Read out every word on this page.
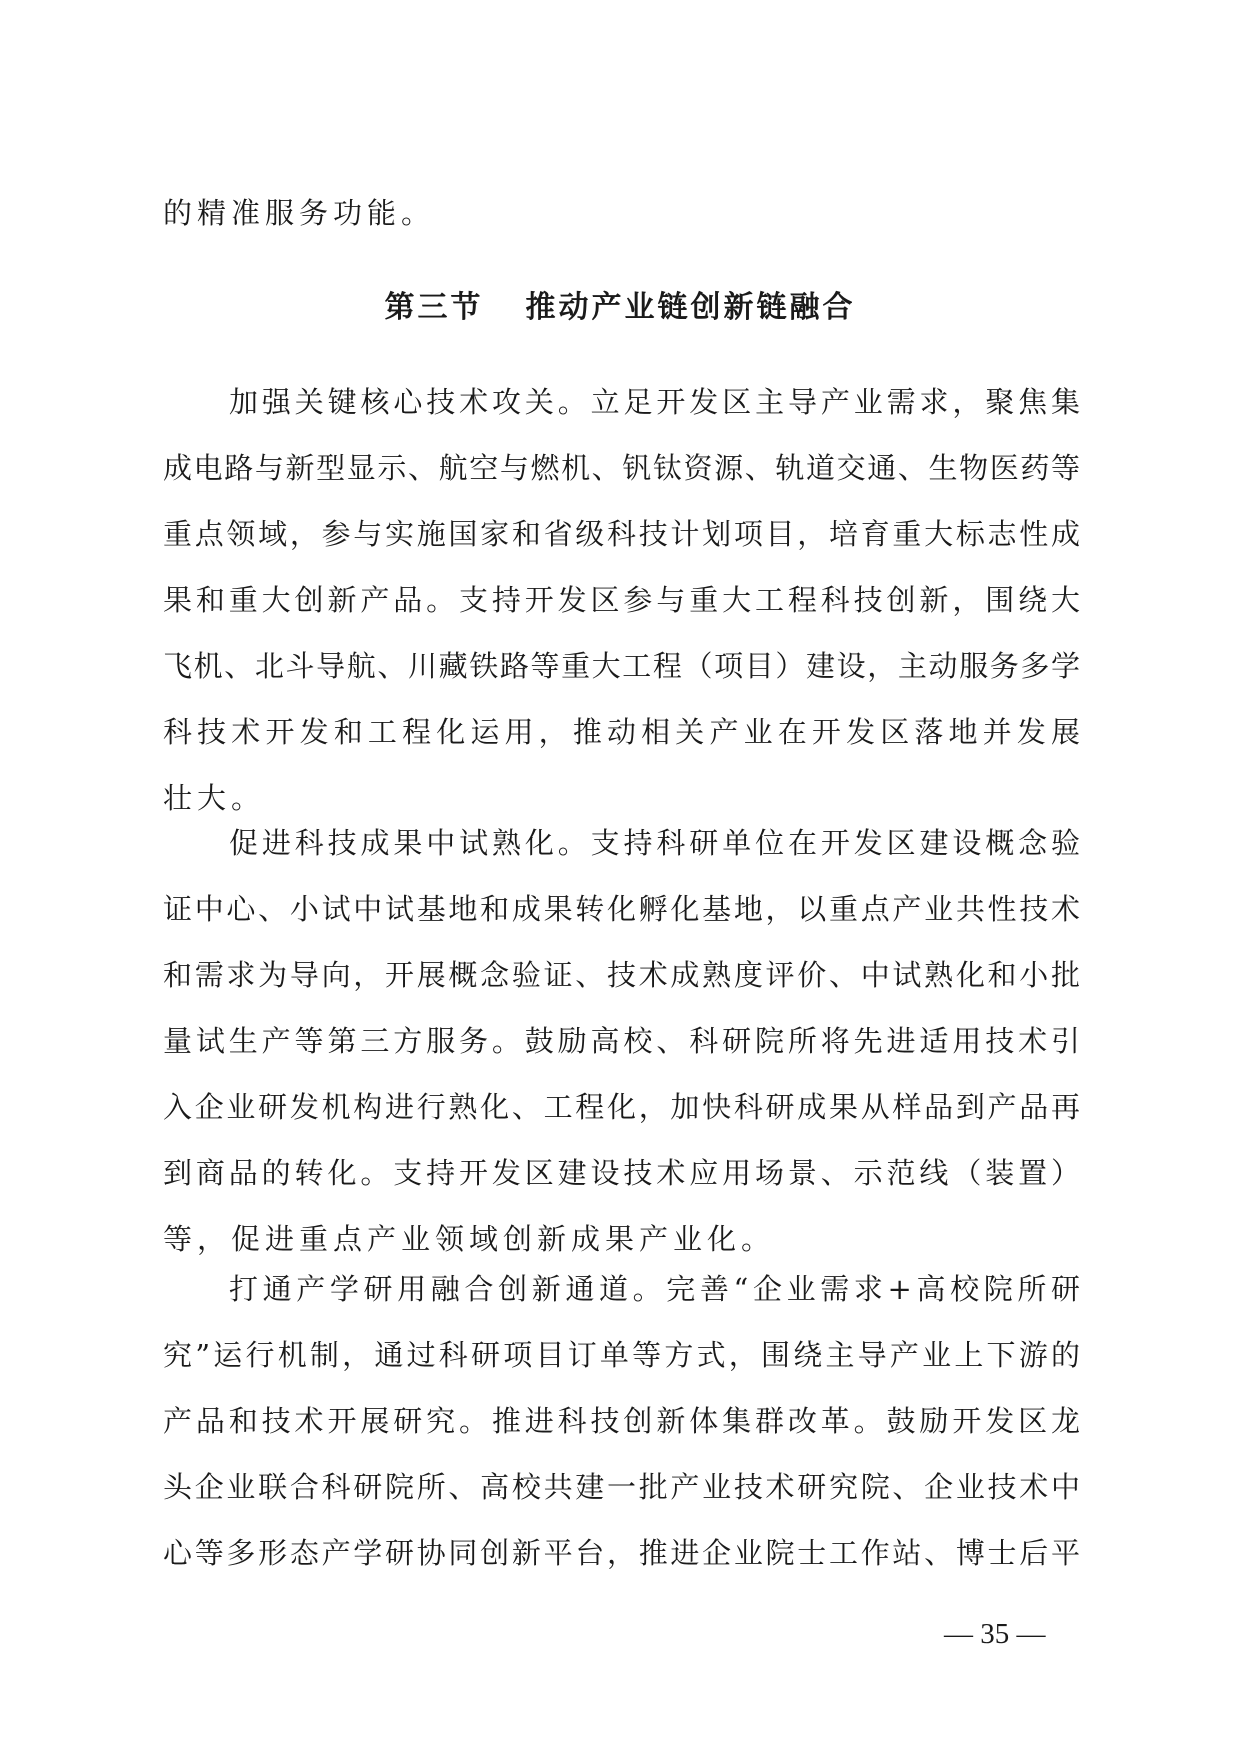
的精准服务功能。
第三节 推动产业链创新链融合
加强关键核心技术攻关。立足开发区主导产业需求，聚焦集
成电路与新型显示、航空与燃机、钒钛资源、轨道交通、生物医药等
重点领域，参与实施国家和省级科技计划项目，培育重大标志性成
果和重大创新产品。支持开发区参与重大工程科技创新，围绕大
飞机、北斗导航、川藏铁路等重大工程（项目）建设，主动服务多学
科技术开发和工程化运用，推动相关产业在开发区落地并发展
壮大。
促进科技成果中试熟化。支持科研单位在开发区建设概念验
证中心、小试中试基地和成果转化孵化基地，以重点产业共性技术
和需求为导向，开展概念验证、技术成熟度评价、中试熟化和小批
量试生产等第三方服务。鼓励高校、科研院所将先进适用技术引
入企业研发机构进行熟化、工程化，加快科研成果从样品到产品再
到商品的转化。支持开发区建设技术应用场景、示范线（装置）
等，促进重点产业领域创新成果产业化。
打通产学研用融合创新通道。完善“企业需求+高校院所研
究”运行机制，通过科研项目订单等方式，围绕主导产业上下游的
产品和技术开展研究。推进科技创新体集群改革。鼓励开发区龙
头企业联合科研院所、高校共建一批产业技术研究院、企业技术中
心等多形态产学研协同创新平台，推进企业院士工作站、博士后平
— 35 —
